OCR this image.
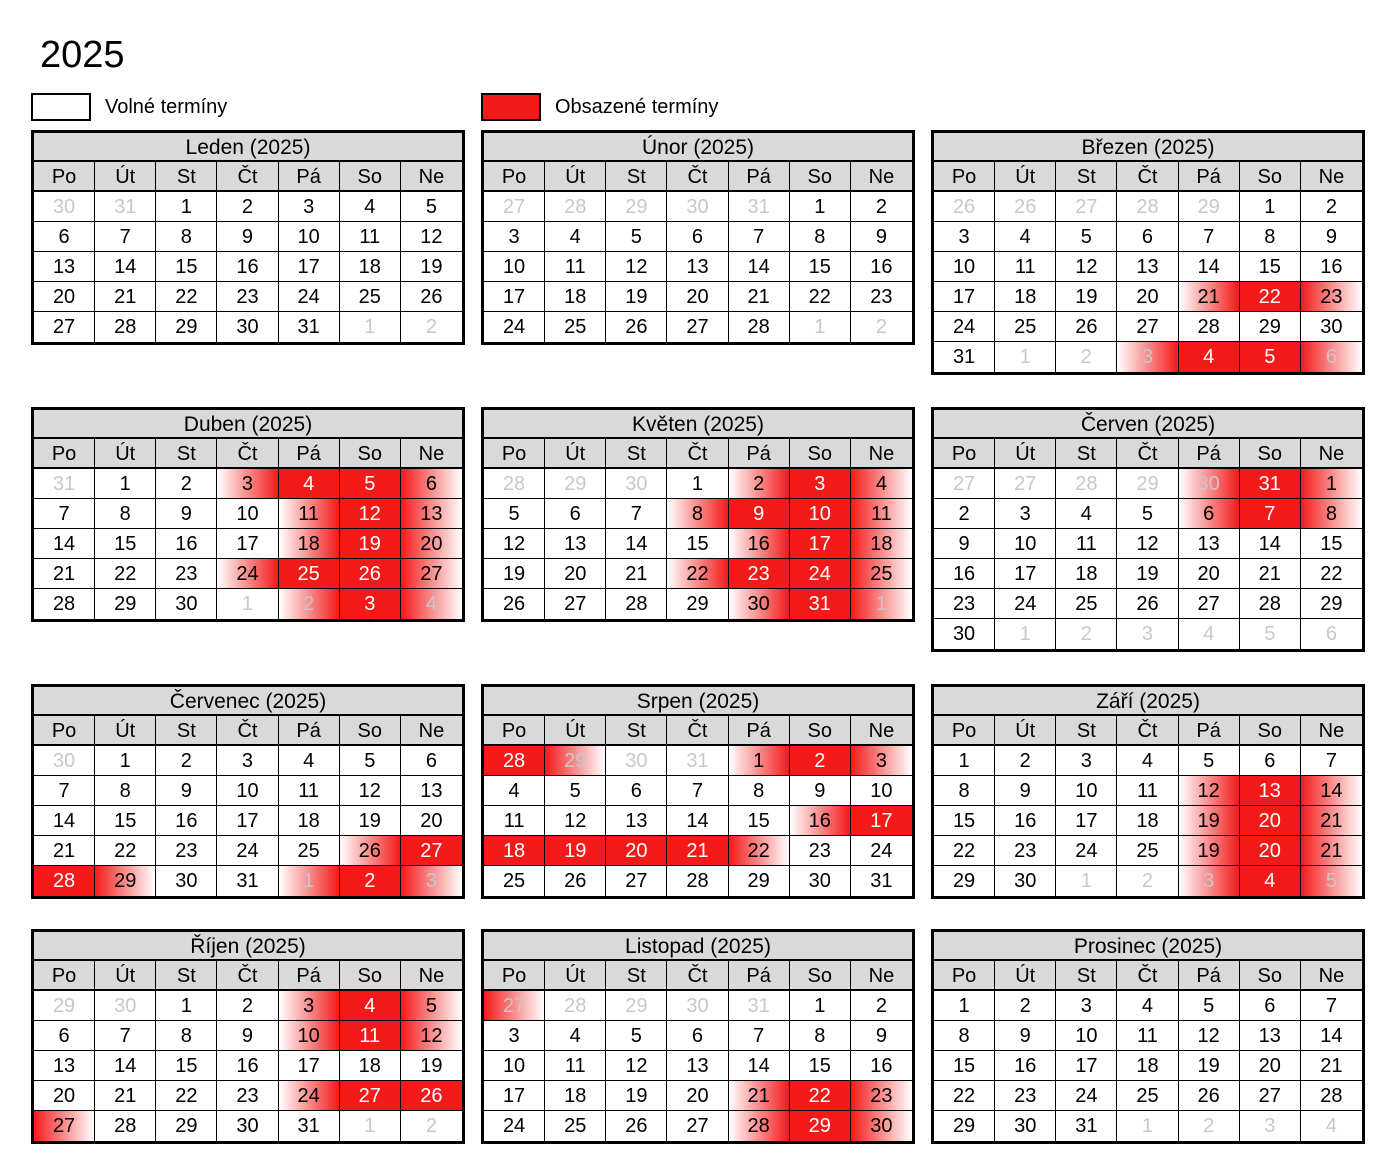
2025
Volné termíny	Obsazené termíny
Leden (2025)
Po	Út	St	Čt	Pá	So	Ne
30	31	1	2	3	4	5
6	7	8	9	10	11	12
13	14	15	16	17	18	19
20	21	22	23	24	25	26
27	28	29	30	31	1	2
Únor (2025)
Po	Út	St	Čt	Pá	So	Ne
27	28	29	30	31	1	2
3	4	5	6	7	8	9
10	11	12	13	14	15	16
17	18	19	20	21	22	23
24	25	26	27	28	1	2
Březen (2025)
Po	Út	St	Čt	Pá	So	Ne
26	26	27	28	29	1	2
3	4	5	6	7	8	9
10	11	12	13	14	15	16
17	18	19	20	21	22	23
24	25	26	27	28	29	30
31	1	2	3	4	5	6
Duben (2025)
Po	Út	St	Čt	Pá	So	Ne
31	1	2	3	4	5	6
7	8	9	10	11	12	13
14	15	16	17	18	19	20
21	22	23	24	25	26	27
28	29	30	1	2	3	4
Květen (2025)
Po	Út	St	Čt	Pá	So	Ne
28	29	30	1	2	3	4
5	6	7	8	9	10	11
12	13	14	15	16	17	18
19	20	21	22	23	24	25
26	27	28	29	30	31	1
Červen (2025)
Po	Út	St	Čt	Pá	So	Ne
27	27	28	29	30	31	1
2	3	4	5	6	7	8
9	10	11	12	13	14	15
16	17	18	19	20	21	22
23	24	25	26	27	28	29
30	1	2	3	4	5	6
Červenec (2025)
Po	Út	St	Čt	Pá	So	Ne
30	1	2	3	4	5	6
7	8	9	10	11	12	13
14	15	16	17	18	19	20
21	22	23	24	25	26	27
28	29	30	31	1	2	3
Srpen (2025)
Po	Út	St	Čt	Pá	So	Ne
28	29	30	31	1	2	3
4	5	6	7	8	9	10
11	12	13	14	15	16	17
18	19	20	21	22	23	24
25	26	27	28	29	30	31
Září (2025)
Po	Út	St	Čt	Pá	So	Ne
1	2	3	4	5	6	7
8	9	10	11	12	13	14
15	16	17	18	19	20	21
22	23	24	25	19	20	21
29	30	1	2	3	4	5
Říjen (2025)
Po	Út	St	Čt	Pá	So	Ne
29	30	1	2	3	4	5
6	7	8	9	10	11	12
13	14	15	16	17	18	19
20	21	22	23	24	27	26
27	28	29	30	31	1	2
Listopad (2025)
Po	Út	St	Čt	Pá	So	Ne
27	28	29	30	31	1	2
3	4	5	6	7	8	9
10	11	12	13	14	15	16
17	18	19	20	21	22	23
24	25	26	27	28	29	30
Prosinec (2025)
Po	Út	St	Čt	Pá	So	Ne
1	2	3	4	5	6	7
8	9	10	11	12	13	14
15	16	17	18	19	20	21
22	23	24	25	26	27	28
29	30	31	1	2	3	4
